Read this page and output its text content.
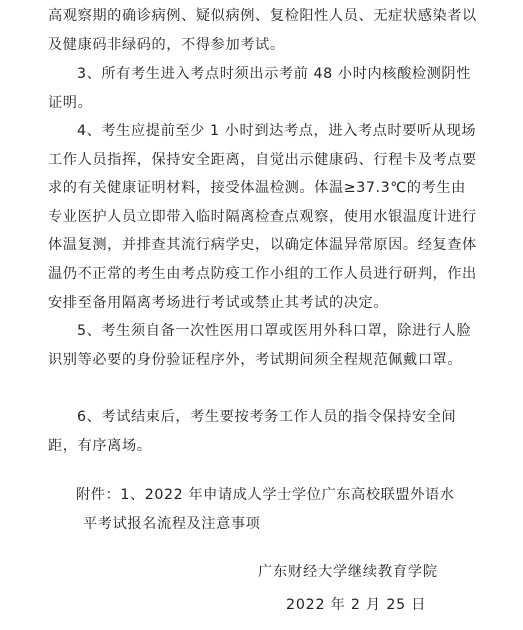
高观察期的确诊病例、疑似病例、复检阳性人员、无症状感染者以及健康码非绿码的，不得参加考试。

3、所有考生进入考点时须出示考前 48 小时内核酸检测阴性证明。

4、考生应提前至少 1 小时到达考点，进入考点时要听从现场工作人员指挥，保持安全距离，自觉出示健康码、行程卡及考点要求的有关健康证明材料，接受体温检测。体温≥37.3℃的考生由专业医护人员立即带入临时隔离检查点观察，使用水银温度计进行体温复测，并排查其流行病学史，以确定体温异常原因。经复查体温仍不正常的考生由考点防疫工作小组的工作人员进行研判，作出安排至备用隔离考场进行考试或禁止其考试的决定。

5、考生须自备一次性医用口罩或医用外科口罩，除进行人脸识别等必要的身份验证程序外，考试期间须全程规范佩戴口罩。

6、考试结束后，考生要按考务工作人员的指令保持安全间距，有序离场。

附件：1、2022 年申请成人学士学位广东高校联盟外语水

平考试报名流程及注意事项

广东财经大学继续教育学院

2022 年 2 月 25 日
